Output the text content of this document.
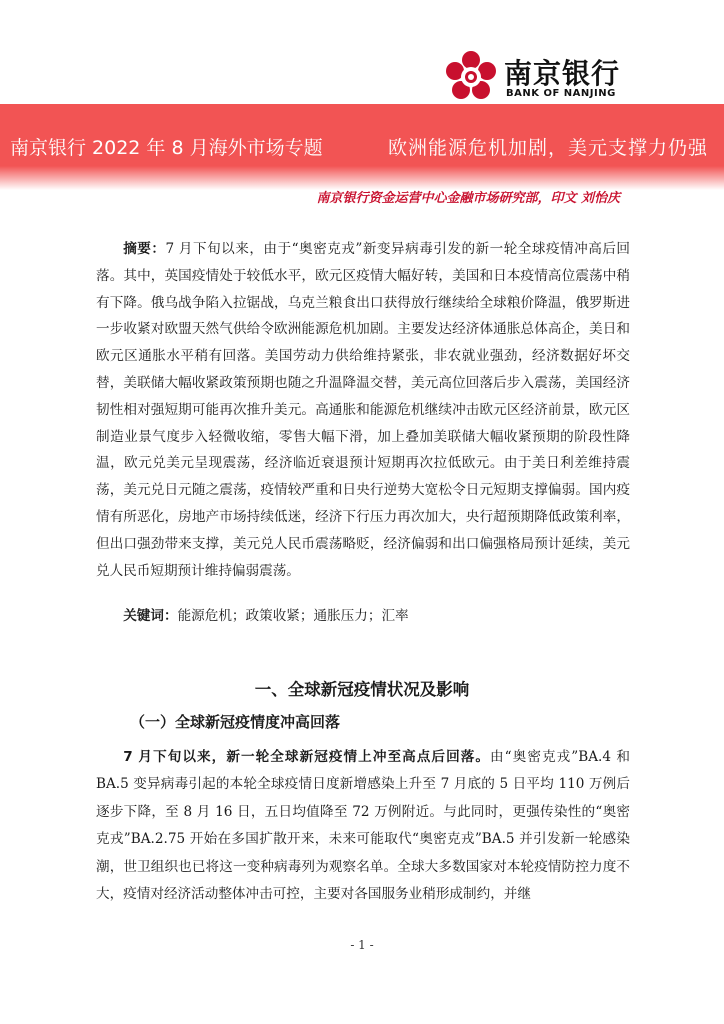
南京银行
BANK OF NANJING
南京银行 2022 年 8 月海外市场专题	欧洲能源危机加剧，美元支撑力仍强
南京银行资金运营中心金融市场研究部，印文 刘怡庆

摘要：7 月下旬以来，由于“奥密克戎”新变异病毒引发的新一轮全球疫情冲高后回落。其中，英国疫情处于较低水平，欧元区疫情大幅好转，美国和日本疫情高位震荡中稍有下降。俄乌战争陷入拉锯战，乌克兰粮食出口获得放行继续给全球粮价降温，俄罗斯进一步收紧对欧盟天然气供给令欧洲能源危机加剧。主要发达经济体通胀总体高企，美日和欧元区通胀水平稍有回落。美国劳动力供给维持紧张，非农就业强劲，经济数据好坏交替，美联储大幅收紧政策预期也随之升温降温交替，美元高位回落后步入震荡，美国经济韧性相对强短期可能再次推升美元。高通胀和能源危机继续冲击欧元区经济前景，欧元区制造业景气度步入轻微收缩，零售大幅下滑，加上叠加美联储大幅收紧预期的阶段性降温，欧元兑美元呈现震荡，经济临近衰退预计短期再次拉低欧元。由于美日利差维持震荡，美元兑日元随之震荡，疫情较严重和日央行逆势大宽松令日元短期支撑偏弱。国内疫情有所恶化，房地产市场持续低迷，经济下行压力再次加大，央行超预期降低政策利率，但出口强劲带来支撑，美元兑人民币震荡略贬，经济偏弱和出口偏强格局预计延续，美元兑人民币短期预计维持偏弱震荡。

关键词：能源危机；政策收紧；通胀压力；汇率

一、全球新冠疫情状况及影响
（一）全球新冠疫情度冲高回落

7 月下旬以来，新一轮全球新冠疫情上冲至高点后回落。由“奥密克戎”BA.4 和 BA.5 变异病毒引起的本轮全球疫情日度新增感染上升至 7 月底的 5 日平均 110 万例后逐步下降，至 8 月 16 日，五日均值降至 72 万例附近。与此同时，更强传染性的“奥密克戎”BA.2.75 开始在多国扩散开来，未来可能取代“奥密克戎”BA.5 并引发新一轮感染潮，世卫组织也已将这一变种病毒列为观察名单。全球大多数国家对本轮疫情防控力度不大，疫情对经济活动整体冲击可控，主要对各国服务业稍形成制约，并继

- 1 -
